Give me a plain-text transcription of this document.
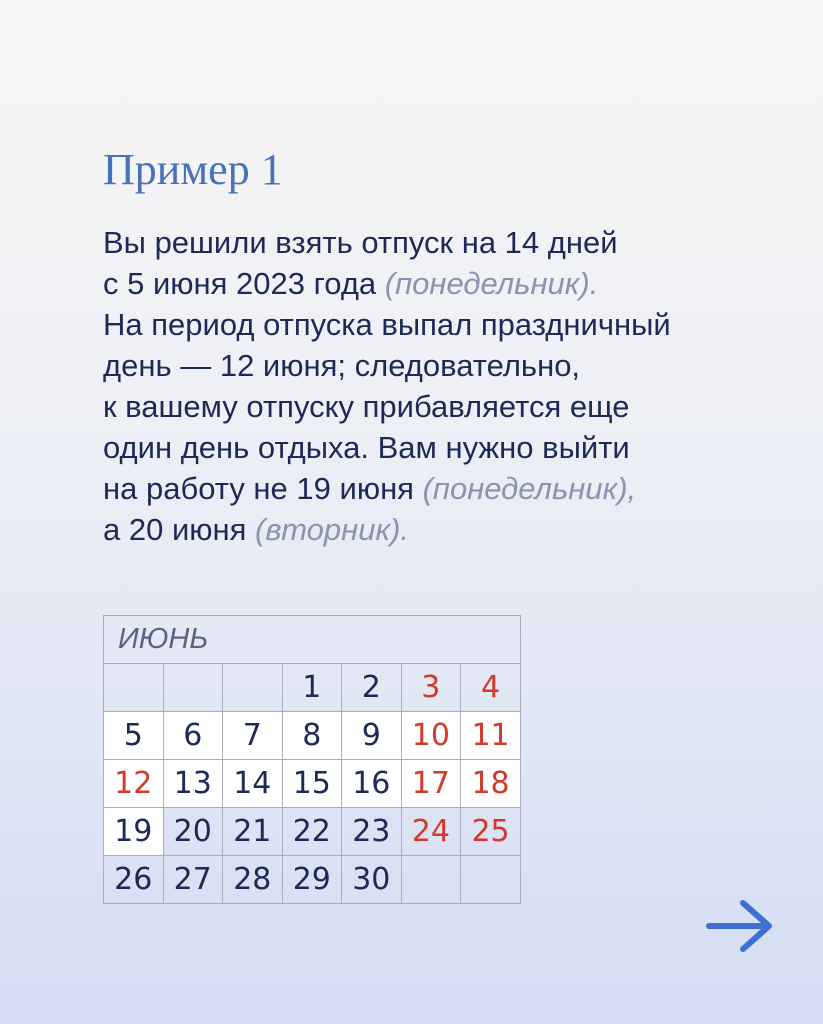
Пример 1
Вы решили взять отпуск на 14 дней
с 5 июня 2023 года (понедельник).
На период отпуска выпал праздничный
день — 12 июня; следовательно,
к вашему отпуску прибавляется еще
один день отдыха. Вам нужно выйти
на работу не 19 июня (понедельник),
а 20 июня (вторник).
ИЮНЬ						
			1	2	3	4
5	6	7	8	9	10	11
12	13	14	15	16	17	18
19	20	21	22	23	24	25
26	27	28	29	30		
